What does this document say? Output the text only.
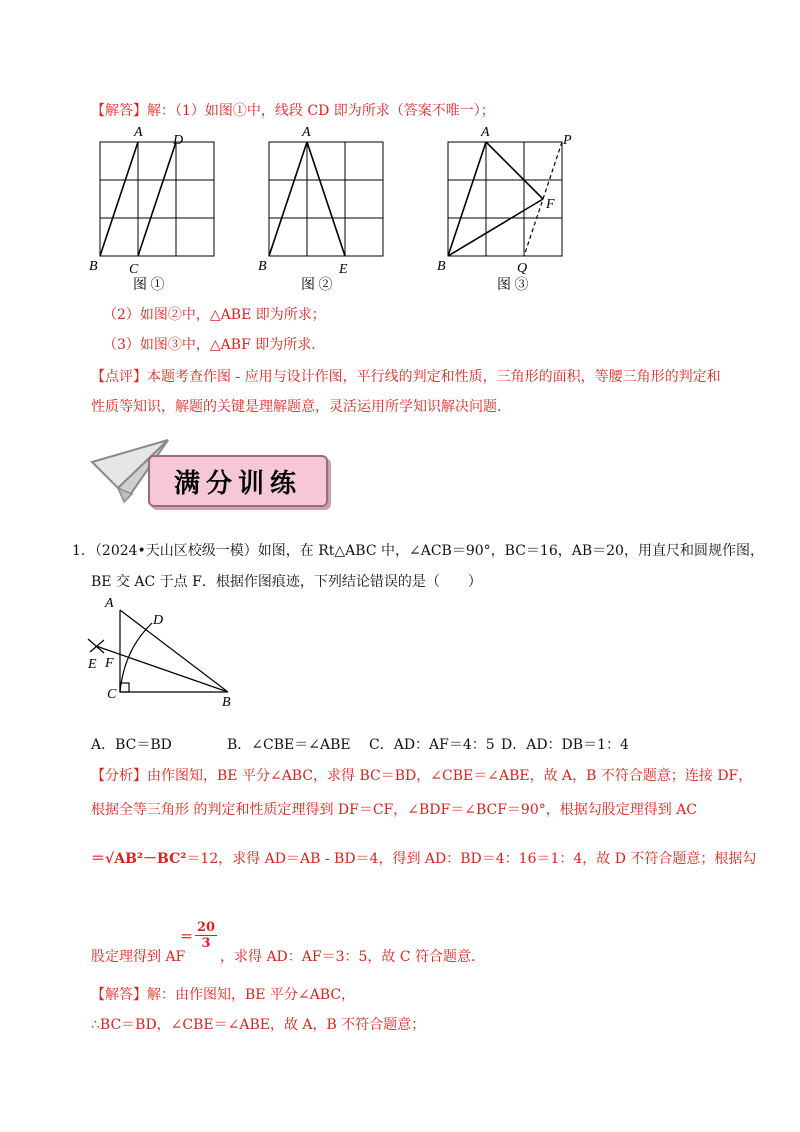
【解答】解：（1）如图①中，线段 CD 即为所求（答案不唯一）；
A
D
B C
图 ①
A
B	E
图 ②
A
P
F
B	Q
图 ③
（2）如图②中，△ABE 即为所求；
（3）如图③中，△ABF 即为所求．
【点评】本题考查作图 - 应用与设计作图，平行线的判定和性质，三角形的面积，等腰三角形的判定和
性质等知识，解题的关键是理解题意，灵活运用所学知识解决问题．
满分训练
1．（2024•天山区校级一模）如图，在 Rt△ABC 中，∠ACB＝90°，BC＝16，AB＝20，用直尺和圆规作图，
BE 交 AC 于点 F．根据作图痕迹，下列结论错误的是（　　）
A
D
E F
C
B
A．BC＝BD	B．∠CBE＝∠ABE C．AD：AF＝4：5 D．AD：DB＝1：4
【分析】由作图知，BE 平分∠ABC，求得 BC＝BD，∠CBE＝∠ABE，故 A，B 不符合题意；连接 DF，
根据全等三角形 的判定和性质定理得到 DF＝CF，∠BDF＝∠BCF＝90°，根据勾股定理得到 AC
＝√AB²－BC²＝12，求得 AD＝AB - BD＝4，得到 AD：BD＝4：16＝1：4，故 D 不符合题意；根据勾
股定理得到 AF
＝ $\frac{20}{3}$
，求得 AD：AF＝3：5，故 C 符合题意．
【解答】解：由作图知，BE 平分∠ABC，
∴BC＝BD，∠CBE＝∠ABE，故 A，B 不符合题意；
